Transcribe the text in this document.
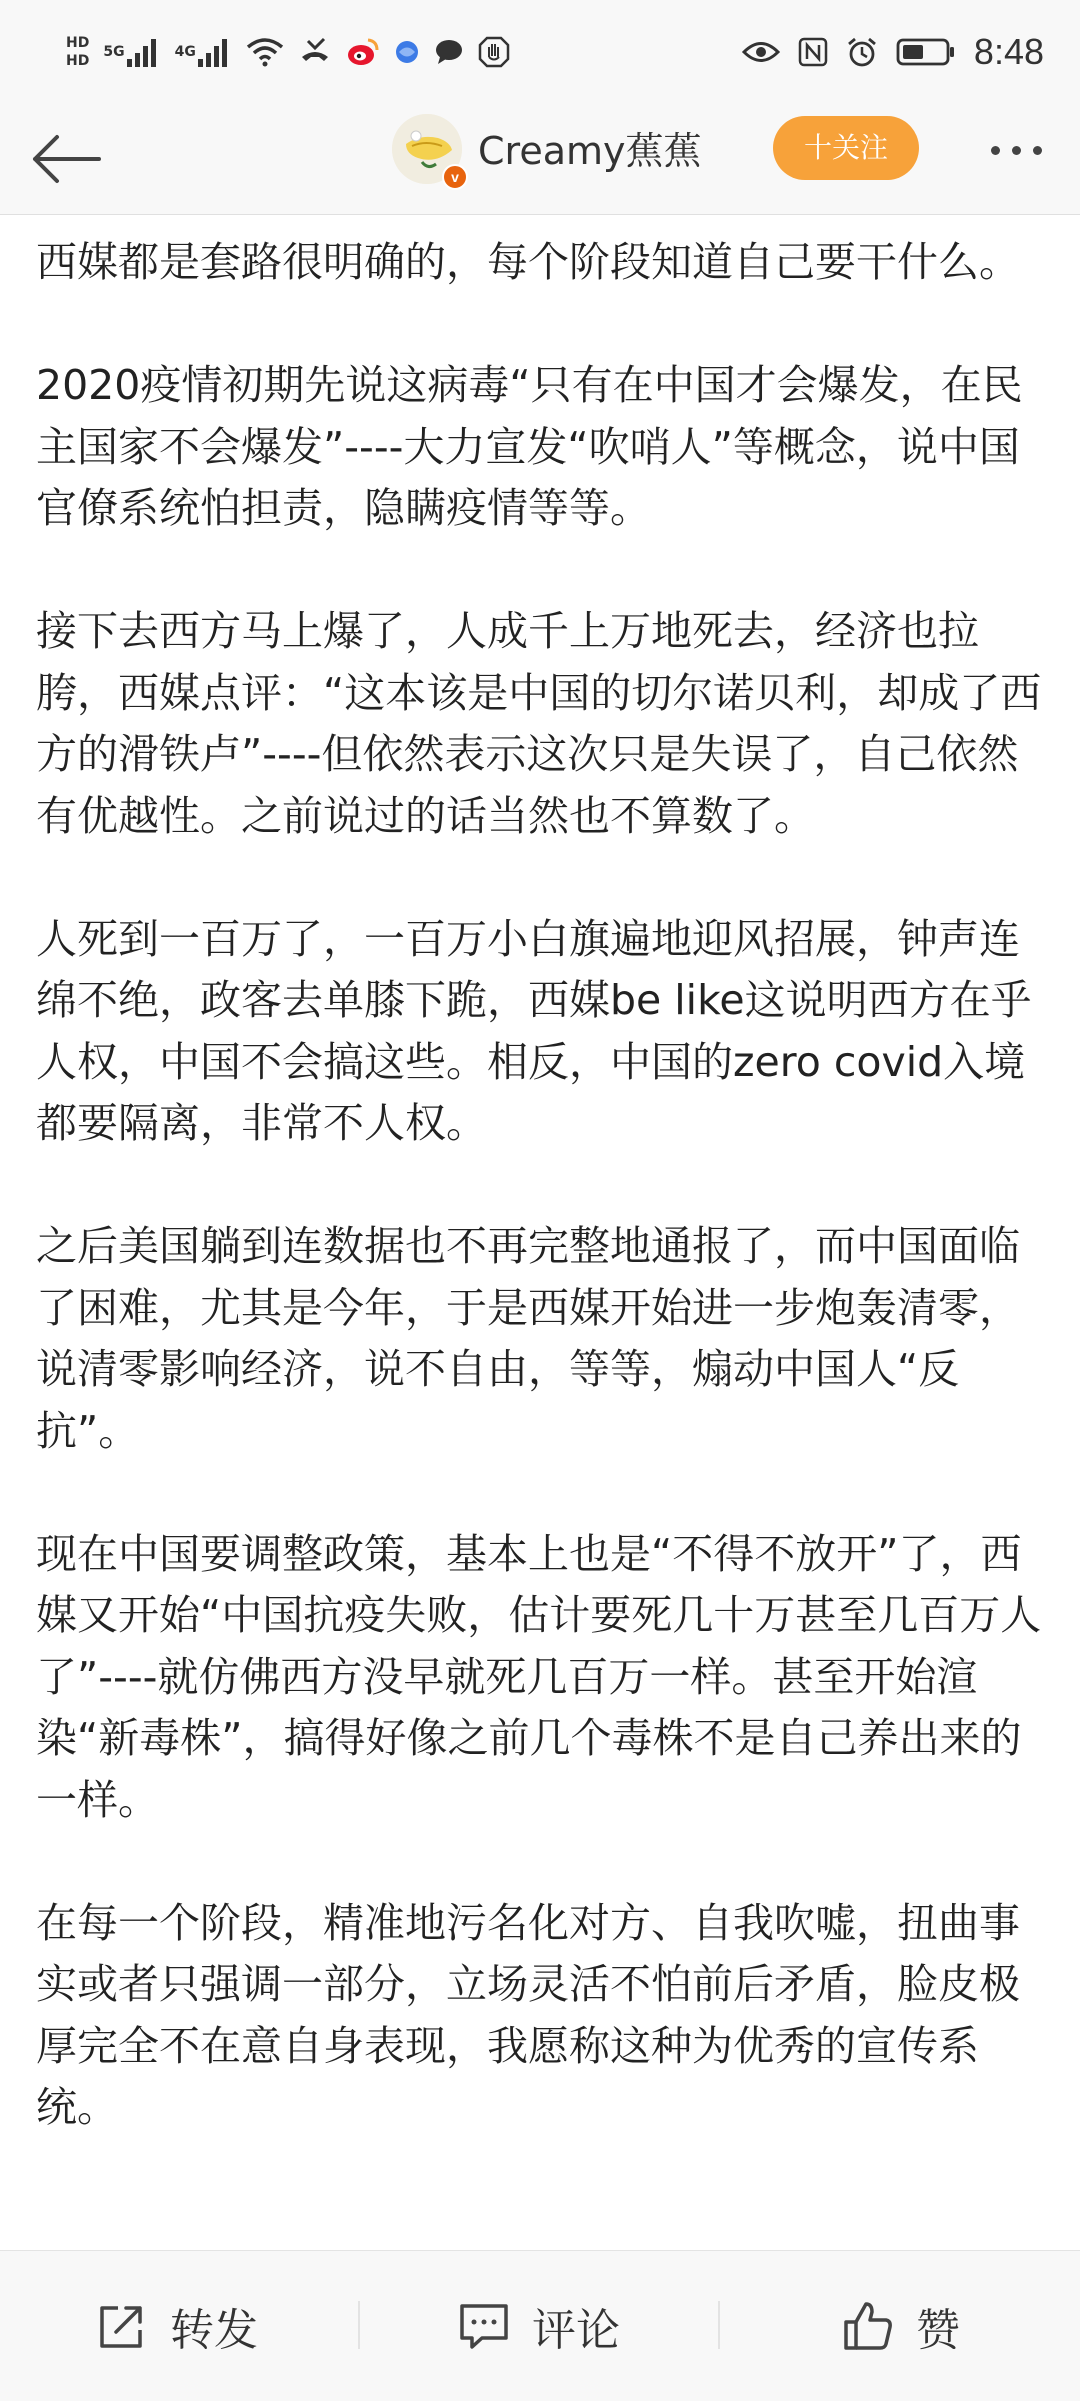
HD
HD
5G	4G	8:48
v
Creamy蕉蕉	十关注

西媒都是套路很明确的，每个阶段知道自己要干什么。

2020疫情初期先说这病毒“只有在中国才会爆发，在民主国家不会爆发”----大力宣发“吹哨人”等概念，说中国官僚系统怕担责，隐瞒疫情等等。

接下去西方马上爆了，人成千上万地死去，经济也拉胯，西媒点评：“这本该是中国的切尔诺贝利，却成了西方的滑铁卢”----但依然表示这次只是失误了，自己依然有优越性。之前说过的话当然也不算数了。

人死到一百万了，一百万小白旗遍地迎风招展，钟声连绵不绝，政客去单膝下跪，西媒be like这说明西方在乎人权，中国不会搞这些。相反，中国的zero covid入境都要隔离，非常不人权。

之后美国躺到连数据也不再完整地通报了，而中国面临了困难，尤其是今年，于是西媒开始进一步炮轰清零，说清零影响经济，说不自由，等等，煽动中国人“反抗”。

现在中国要调整政策，基本上也是“不得不放开”了，西媒又开始“中国抗疫失败，估计要死几十万甚至几百万人了”----就仿佛西方没早就死几百万一样。甚至开始渲染“新毒株”，搞得好像之前几个毒株不是自己养出来的一样。

在每一个阶段，精准地污名化对方、自我吹嘘，扭曲事实或者只强调一部分，立场灵活不怕前后矛盾，脸皮极厚完全不在意自身表现，我愿称这种为优秀的宣传系统。

转发	评论	赞
